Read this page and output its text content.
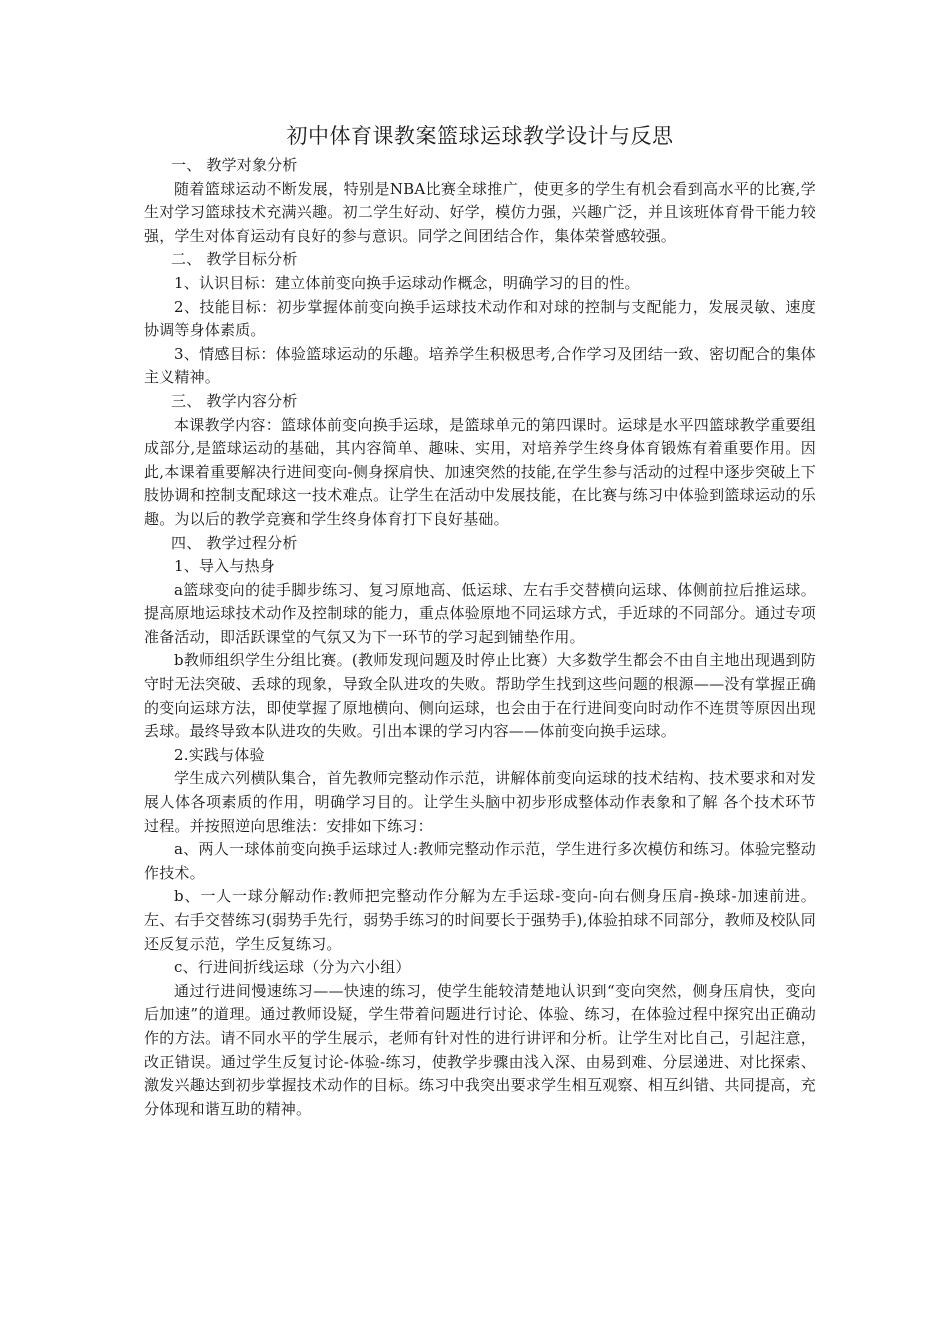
初中体育课教案篮球运球教学设计与反思

一、 教学对象分析

随着篮球运动不断发展，特别是NBA比赛全球推广，使更多的学生有机会看到高水平的比赛,学生对学习篮球技术充满兴趣。初二学生好动、好学，模仿力强，兴趣广泛，并且该班体育骨干能力较强，学生对体育运动有良好的参与意识。同学之间团结合作，集体荣誉感较强。

二、 教学目标分析

1、认识目标：建立体前变向换手运球动作概念，明确学习的目的性。

2、技能目标：初步掌握体前变向换手运球技术动作和对球的控制与支配能力，发展灵敏、速度协调等身体素质。

3、情感目标：体验篮球运动的乐趣。培养学生积极思考,合作学习及团结一致、密切配合的集体主义精神。

三、 教学内容分析

本课教学内容：篮球体前变向换手运球，是篮球单元的第四课时。运球是水平四篮球教学重要组成部分,是篮球运动的基础，其内容简单、趣味、实用，对培养学生终身体育锻炼有着重要作用。因此,本课着重要解决行进间变向-侧身探肩快、加速突然的技能,在学生参与活动的过程中逐步突破上下肢协调和控制支配球这一技术难点。让学生在活动中发展技能，在比赛与练习中体验到篮球运动的乐趣。为以后的教学竞赛和学生终身体育打下良好基础。

四、 教学过程分析

1、导入与热身

a篮球变向的徒手脚步练习、复习原地高、低运球、左右手交替横向运球、体侧前拉后推运球。提高原地运球技术动作及控制球的能力，重点体验原地不同运球方式，手近球的不同部分。通过专项准备活动，即活跃课堂的气氛又为下一环节的学习起到铺垫作用。

b教师组织学生分组比赛。(教师发现问题及时停止比赛）大多数学生都会不由自主地出现遇到防守时无法突破、丢球的现象，导致全队进攻的失败。帮助学生找到这些问题的根源——没有掌握正确的变向运球方法，即使掌握了原地横向、侧向运球，也会由于在行进间变向时动作不连贯等原因出现丢球。最终导致本队进攻的失败。引出本课的学习内容——体前变向换手运球。

2.实践与体验

学生成六列横队集合，首先教师完整动作示范，讲解体前变向运球的技术结构、技术要求和对发展人体各项素质的作用，明确学习目的。让学生头脑中初步形成整体动作表象和了解 各个技术环节过程。并按照逆向思维法：安排如下练习：

a、两人一球体前变向换手运球过人:教师完整动作示范，学生进行多次模仿和练习。体验完整动作技术。

b、一人一球分解动作:教师把完整动作分解为左手运球-变向-向右侧身压肩-换球-加速前进。左、右手交替练习(弱势手先行，弱势手练习的时间要长于强势手),体验拍球不同部分，教师及校队同还反复示范，学生反复练习。

c、行进间折线运球（分为六小组）

通过行进间慢速练习——快速的练习，使学生能较清楚地认识到“变向突然，侧身压肩快，变向后加速”的道理。通过教师设疑，学生带着问题进行讨论、体验、练习，在体验过程中探究出正确动作的方法。请不同水平的学生展示，老师有针对性的进行讲评和分析。让学生对比自己，引起注意，改正错误。通过学生反复讨论-体验-练习，使教学步骤由浅入深、由易到难、分层递进、对比探索、激发兴趣达到初步掌握技术动作的目标。练习中我突出要求学生相互观察、相互纠错、共同提高，充分体现和谐互助的精神。
